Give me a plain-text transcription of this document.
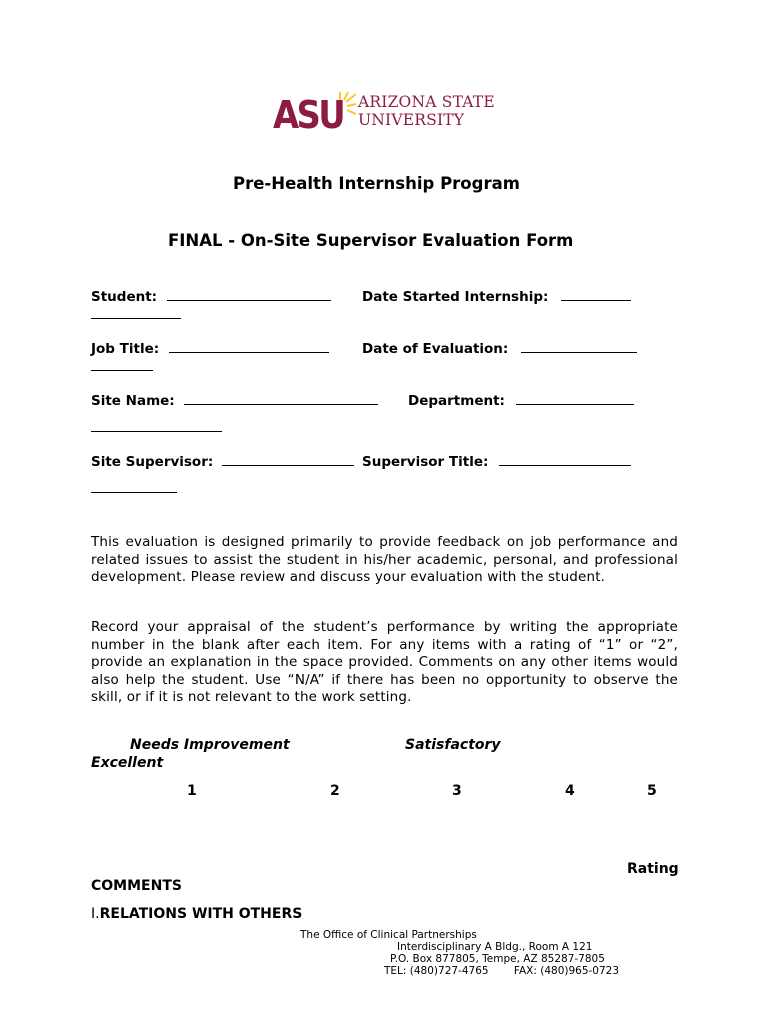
ASU ARIZONA STATE
UNIVERSITY
Pre-Health Internship Program
FINAL - On-Site Supervisor Evaluation Form
Student:	Date Started Internship:
Job Title:	Date of Evaluation:
Site Name:	Department:
Site Supervisor:	Supervisor Title:
This evaluation is designed primarily to provide feedback on job performance and related issues to assist the student in his/her academic, personal, and professional development. Please review and discuss your evaluation with the student.
Record your appraisal of the student’s performance by writing the appropriate number in the blank after each item. For any items with a rating of “1” or “2”, provide an explanation in the space provided. Comments on any other items would also help the student. Use “N/A” if there has been no opportunity to observe the skill, or if it is not relevant to the work setting.
Needs Improvement	Satisfactory
Excellent
1	2	3	4	5
Rating
COMMENTS
I.RELATIONS WITH OTHERS
The Office of Clinical Partnerships
Interdisciplinary A Bldg., Room A 121
P.O. Box 877805, Tempe, AZ 85287-7805
TEL: (480)727-4765 FAX: (480)965-0723
